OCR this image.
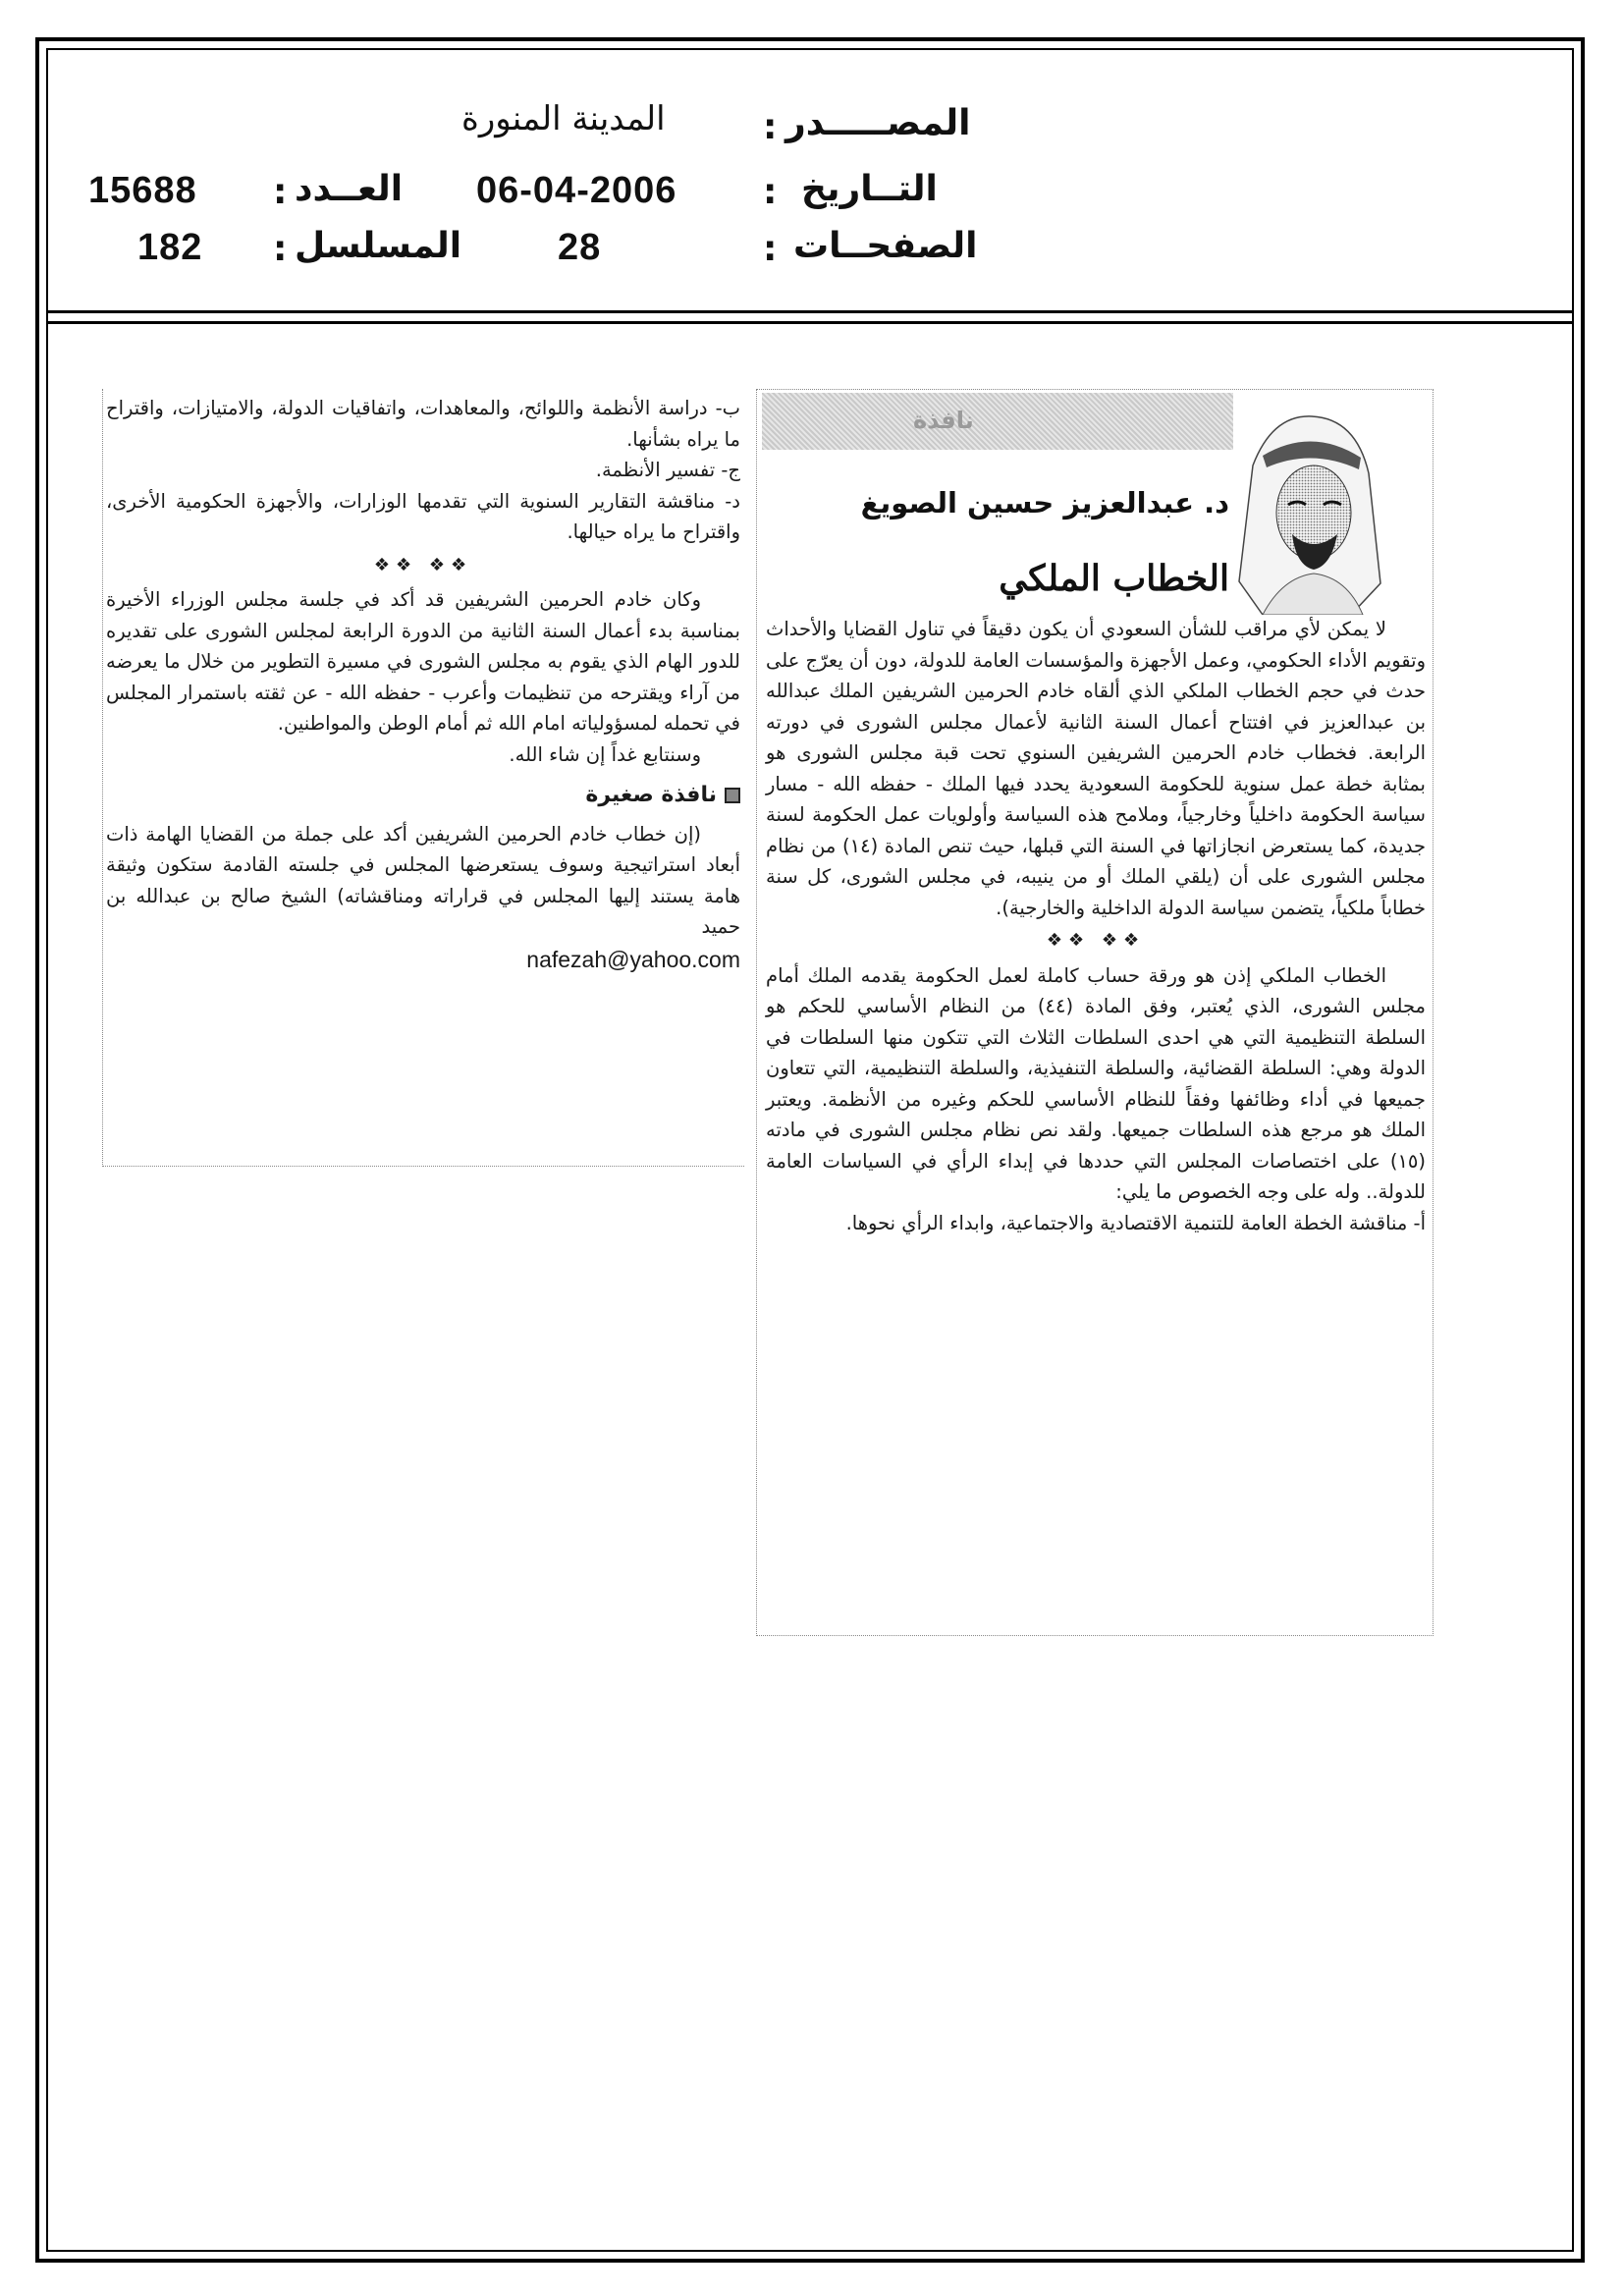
المصـــــدر
:
المدينة المنورة
التــاريخ
:
06-04-2006
الصفحــات
:
28
العــدد
:
15688
المسلسل
:
182
نافذة
د. عبدالعزيز حسين الصويغ
الخطاب الملكي

لا يمكن لأي مراقب للشأن السعودي أن يكون دقيقاً في تناول القضايا والأحداث وتقويم الأداء الحكومي، وعمل الأجهزة والمؤسسات العامة للدولة، دون أن يعرّج على حدث في حجم الخطاب الملكي الذي ألقاه خادم الحرمين الشريفين الملك عبدالله بن عبدالعزيز في افتتاح أعمال السنة الثانية لأعمال مجلس الشورى في دورته الرابعة. فخطاب خادم الحرمين الشريفين السنوي تحت قبة مجلس الشورى هو بمثابة خطة عمل سنوية للحكومة السعودية يحدد فيها الملك - حفظه الله - مسار سياسة الحكومة داخلياً وخارجياً، وملامح هذه السياسة وأولويات عمل الحكومة لسنة جديدة، كما يستعرض انجازاتها في السنة التي قبلها، حيث تنص المادة (١٤) من نظام مجلس الشورى على أن (يلقي الملك أو من ينيبه، في مجلس الشورى، كل سنة خطاباً ملكياً، يتضمن سياسة الدولة الداخلية والخارجية).

❖❖ ❖❖

الخطاب الملكي إذن هو ورقة حساب كاملة لعمل الحكومة يقدمه الملك أمام مجلس الشورى، الذي يُعتبر، وفق المادة (٤٤) من النظام الأساسي للحكم هو السلطة التنظيمية التي هي احدى السلطات الثلاث التي تتكون منها السلطات في الدولة وهي: السلطة القضائية، والسلطة التنفيذية، والسلطة التنظيمية، التي تتعاون جميعها في أداء وظائفها وفقاً للنظام الأساسي للحكم وغيره من الأنظمة. ويعتبر الملك هو مرجع هذه السلطات جميعها. ولقد نص نظام مجلس الشورى في مادته (١٥) على اختصاصات المجلس التي حددها في إبداء الرأي في السياسات العامة للدولة.. وله على وجه الخصوص ما يلي:

أ- مناقشة الخطة العامة للتنمية الاقتصادية والاجتماعية، وابداء الرأي نحوها.

ب- دراسة الأنظمة واللوائح، والمعاهدات، واتفاقيات الدولة، والامتيازات، واقتراح ما يراه بشأنها.

ج- تفسير الأنظمة.

د- مناقشة التقارير السنوية التي تقدمها الوزارات، والأجهزة الحكومية الأخرى، واقتراح ما يراه حيالها.

❖❖ ❖❖

وكان خادم الحرمين الشريفين قد أكد في جلسة مجلس الوزراء الأخيرة بمناسبة بدء أعمال السنة الثانية من الدورة الرابعة لمجلس الشورى على تقديره للدور الهام الذي يقوم به مجلس الشورى في مسيرة التطوير من خلال ما يعرضه من آراء ويقترحه من تنظيمات وأعرب - حفظه الله - عن ثقته باستمرار المجلس في تحمله لمسؤولياته امام الله ثم أمام الوطن والمواطنين.

وسنتابع غداً إن شاء الله.

نافذة صغيرة

(إن خطاب خادم الحرمين الشريفين أكد على جملة من القضايا الهامة ذات أبعاد استراتيجية وسوف يستعرضها المجلس في جلسته القادمة ستكون وثيقة هامة يستند إليها المجلس في قراراته ومناقشاته) الشيخ صالح بن عبدالله بن حميد

nafezah@yahoo.com
